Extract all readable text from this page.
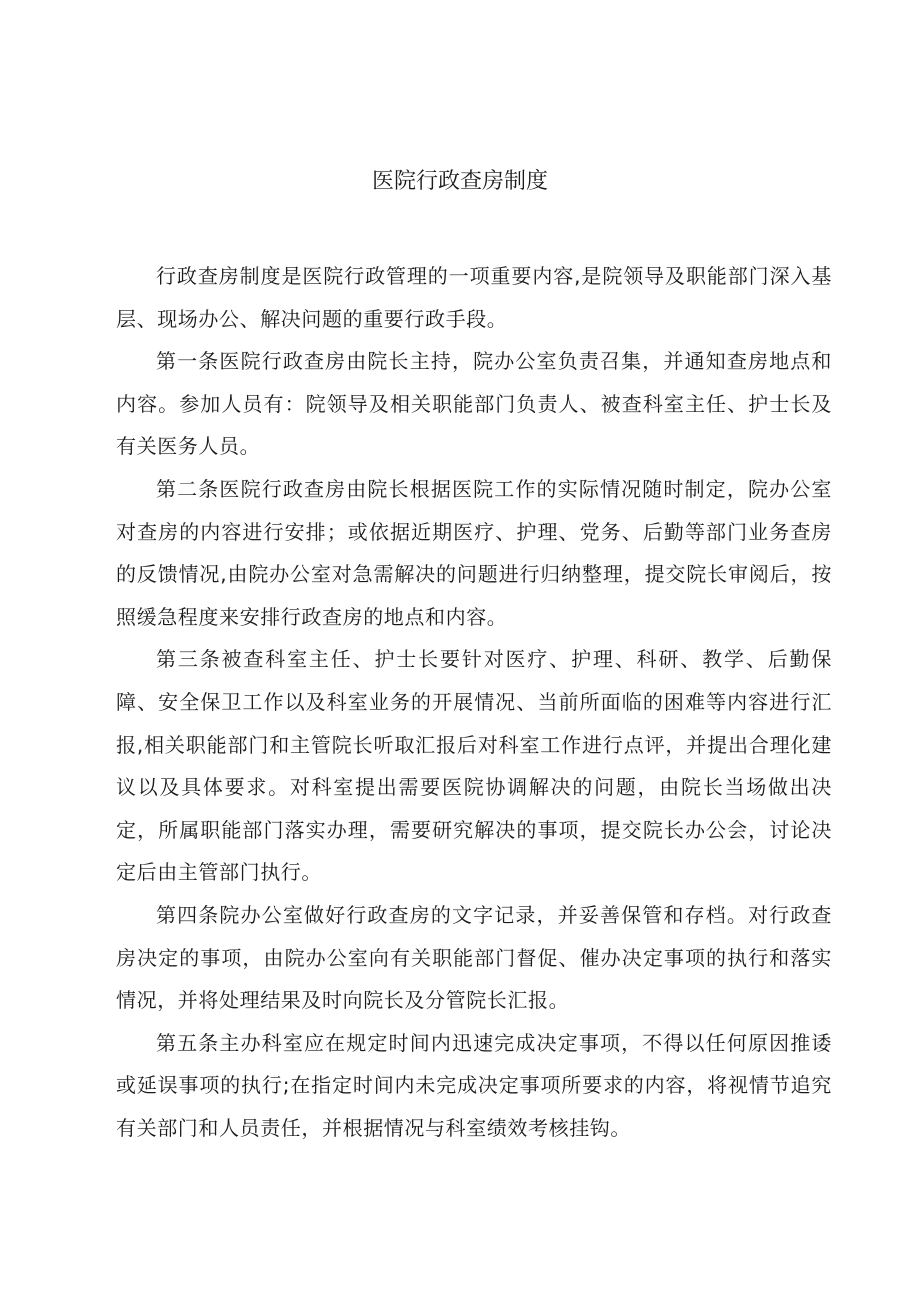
医院行政查房制度

行政查房制度是医院行政管理的一项重要内容,是院领导及职能部门深入基层、现场办公、解决问题的重要行政手段。

第一条医院行政查房由院长主持，院办公室负责召集，并通知查房地点和内容。参加人员有：院领导及相关职能部门负责人、被查科室主任、护士长及有关医务人员。

第二条医院行政查房由院长根据医院工作的实际情况随时制定，院办公室对查房的内容进行安排；或依据近期医疗、护理、党务、后勤等部门业务查房的反馈情况,由院办公室对急需解决的问题进行归纳整理，提交院长审阅后，按照缓急程度来安排行政查房的地点和内容。

第三条被查科室主任、护士长要针对医疗、护理、科研、教学、后勤保障、安全保卫工作以及科室业务的开展情况、当前所面临的困难等内容进行汇报,相关职能部门和主管院长听取汇报后对科室工作进行点评，并提出合理化建议以及具体要求。对科室提出需要医院协调解决的问题，由院长当场做出决定，所属职能部门落实办理，需要研究解决的事项，提交院长办公会，讨论决定后由主管部门执行。

第四条院办公室做好行政查房的文字记录，并妥善保管和存档。对行政查房决定的事项，由院办公室向有关职能部门督促、催办决定事项的执行和落实情况，并将处理结果及时向院长及分管院长汇报。

第五条主办科室应在规定时间内迅速完成决定事项，不得以任何原因推诿或延误事项的执行;在指定时间内未完成决定事项所要求的内容，将视情节追究有关部门和人员责任，并根据情况与科室绩效考核挂钩。
